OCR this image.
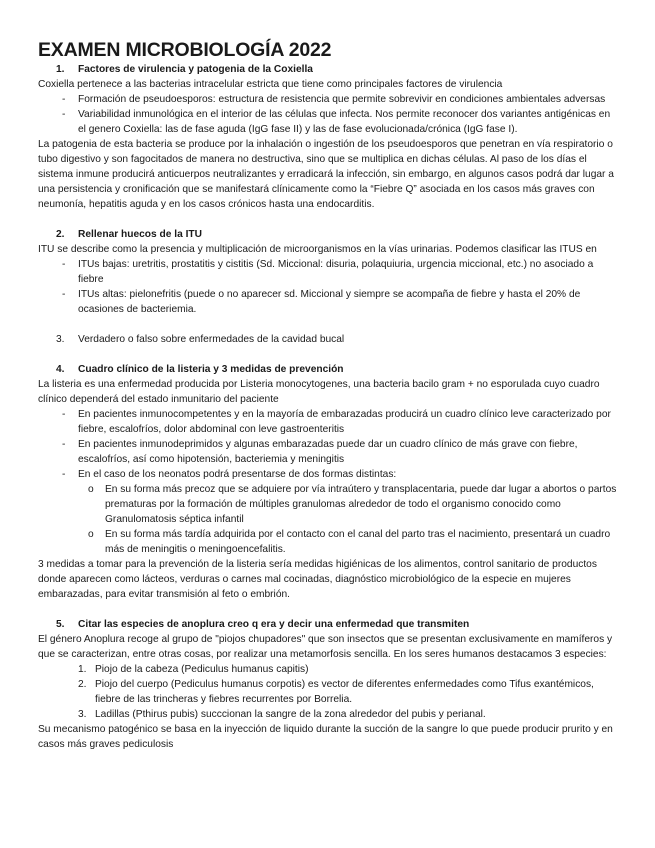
EXAMEN MICROBIOLOGÍA 2022

1. Factores de virulencia y patogenia de la Coxiella

Coxiella pertenece a las bacterias intracelular estricta que tiene como principales factores de virulencia

- Formación de pseudoesporos: estructura de resistencia que permite sobrevivir en condiciones ambientales adversas

- Variabilidad inmunológica en el interior de las células que infecta. Nos permite reconocer dos variantes antigénicas en el genero Coxiella: las de fase aguda (IgG fase II) y las de fase evolucionada/crónica (IgG fase I).

La patogenia de esta bacteria se produce por la inhalación o ingestión de los pseudoesporos que penetran en vía respiratorio o tubo digestivo y son fagocitados de manera no destructiva, sino que se multiplica en dichas células. Al paso de los días el sistema inmune producirá anticuerpos neutralizantes y erradicará la infección, sin embargo, en algunos casos podrá dar lugar a una persistencia y cronificación que se manifestará clínicamente como la “Fiebre Q” asociada en los casos más graves con neumonía, hepatitis aguda y en los casos crónicos hasta una endocarditis.

2. Rellenar huecos de la ITU

ITU se describe como la presencia y multiplicación de microorganismos en la vías urinarias. Podemos clasificar las ITUS en

- ITUs bajas: uretritis, prostatitis y cistitis (Sd. Miccional: disuria, polaquiuria, urgencia miccional, etc.) no asociado a fiebre

- ITUs altas: pielonefritis (puede o no aparecer sd. Miccional y siempre se acompaña de fiebre y hasta el 20% de ocasiones de bacteriemia.

3. Verdadero o falso sobre enfermedades de la cavidad bucal

4. Cuadro clínico de la listeria y 3 medidas de prevención

La listeria es una enfermedad producida por Listeria monocytogenes, una bacteria bacilo gram + no esporulada cuyo cuadro clínico dependerá del estado inmunitario del paciente

- En pacientes inmunocompetentes y en la mayoría de embarazadas producirá un cuadro clínico leve caracterizado por fiebre, escalofríos, dolor abdominal con leve gastroenteritis

- En pacientes inmunodeprimidos y algunas embarazadas puede dar un cuadro clínico de más grave con fiebre, escalofríos, así como hipotensión, bacteriemia y meningitis

- En el caso de los neonatos podrá presentarse de dos formas distintas:

o En su forma más precoz que se adquiere por vía intraútero y transplacentaria, puede dar lugar a abortos o partos prematuras por la formación de múltiples granulomas alrededor de todo el organismo conocido como Granulomatosis séptica infantil

o En su forma más tardía adquirida por el contacto con el canal del parto tras el nacimiento, presentará un cuadro más de meningitis o meningoencefalitis.

3 medidas a tomar para la prevención de la listeria sería medidas higiénicas de los alimentos, control sanitario de productos donde aparecen como lácteos, verduras o carnes mal cocinadas, diagnóstico microbiológico de la especie en mujeres embarazadas, para evitar transmisión al feto o embrión.

5. Citar las especies de anoplura creo q era y decir una enfermedad que transmiten

El género Anoplura recoge al grupo de "piojos chupadores" que son insectos que se presentan exclusivamente en mamíferos y que se caracterizan, entre otras cosas, por realizar una metamorfosis sencilla. En los seres humanos destacamos 3 especies:

1. Piojo de la cabeza (Pediculus humanus capitis)

2. Piojo del cuerpo (Pediculus humanus corpotis) es vector de diferentes enfermedades como Tifus exantémicos, fiebre de las trincheras y fiebres recurrentes por Borrelia.

3. Ladillas (Pthirus pubis) succcionan la sangre de la zona alrededor del pubis y perianal.

Su mecanismo patogénico se basa en la inyección de liquido durante la succión de la sangre lo que puede producir prurito y en casos más graves pediculosis
